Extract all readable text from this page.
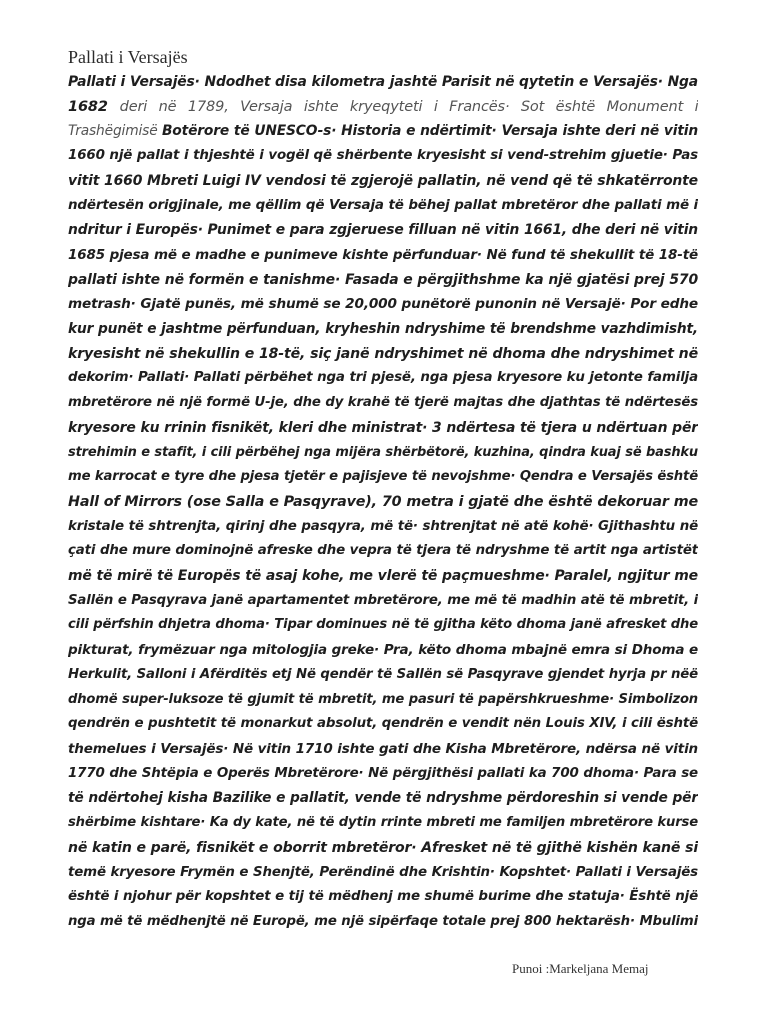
Pallati i Versajës
Pallati i Versajës· Ndodhet disa kilometra jashtë Parisit në qytetin e Versajës· Nga
1682 deri në 1789, Versaja ishte kryeqyteti i Francës· Sot është Monument i
Trashëgimisë Botërore të UNESCO-s· Historia e ndërtimit· Versaja ishte deri në vitin
1660 një pallat i thjeshtë i vogël që shërbente kryesisht si vend-strehim gjuetie· Pas
vitit 1660 Mbreti Luigi IV vendosi të zgjerojë pallatin, në vend që të shkatërronte
ndërtesën origjinale, me qëllim që Versaja të bëhej pallat mbretëror dhe pallati më i
ndritur i Europës· Punimet e para zgjeruese filluan në vitin 1661, dhe deri në vitin
1685 pjesa më e madhe e punimeve kishte përfunduar· Në fund të shekullit të 18-të
pallati ishte në formën e tanishme· Fasada e përgjithshme ka një gjatësi prej 570
metrash· Gjatë punës, më shumë se 20,000 punëtorë punonin në Versajë· Por edhe
kur punët e jashtme përfunduan, kryheshin ndryshime të brendshme vazhdimisht,
kryesisht në shekullin e 18-të, siç janë ndryshimet në dhoma dhe ndryshimet në
dekorim· Pallati· Pallati përbëhet nga tri pjesë, nga pjesa kryesore ku jetonte familja
mbretërore në një formë U-je, dhe dy krahë të tjerë majtas dhe djathtas të ndërtesës
kryesore ku rrinin fisnikët, kleri dhe ministrat· 3 ndërtesa të tjera u ndërtuan për
strehimin e stafit, i cili përbëhej nga mijëra shërbëtorë, kuzhina, qindra kuaj së bashku
me karrocat e tyre dhe pjesa tjetër e pajisjeve të nevojshme· Qendra e Versajës është
Hall of Mirrors (ose Salla e Pasqyrave), 70 metra i gjatë dhe është dekoruar me
kristale të shtrenjta, qirinj dhe pasqyra, më të· shtrenjtat në atë kohë· Gjithashtu në
çati dhe mure dominojnë afreske dhe vepra të tjera të ndryshme të artit nga artistët
më të mirë të Europës të asaj kohe, me vlerë të paçmueshme· Paralel, ngjitur me
Sallën e Pasqyrava janë apartamentet mbretërore, me më të madhin atë të mbretit, i
cili përfshin dhjetra dhoma· Tipar dominues në të gjitha këto dhoma janë afresket dhe
pikturat, frymëzuar nga mitologjia greke· Pra, këto dhoma mbajnë emra si Dhoma e
Herkulit, Salloni i Afërditës etj Në qendër të Sallën së Pasqyrave gjendet hyrja pr nëë
dhomë super-luksoze të gjumit të mbretit, me pasuri të papërshkrueshme· Simbolizon
qendrën e pushtetit të monarkut absolut, qendrën e vendit nën Louis XIV, i cili është
themelues i Versajës· Në vitin 1710 ishte gati dhe Kisha Mbretërore, ndërsa në vitin
1770 dhe Shtëpia e Operës Mbretërore· Në përgjithësi pallati ka 700 dhoma· Para se
të ndërtohej kisha Bazilike e pallatit, vende të ndryshme përdoreshin si vende për
shërbime kishtare· Ka dy kate, në të dytin rrinte mbreti me familjen mbretërore kurse
në katin e parë, fisnikët e oborrit mbretëror· Afresket në të gjithë kishën kanë si
temë kryesore Frymën e Shenjtë, Perëndinë dhe Krishtin· Kopshtet· Pallati i Versajës
është i njohur për kopshtet e tij të mëdhenj me shumë burime dhe statuja· Është një
nga më të mëdhenjtë në Europë, me një sipërfaqe totale prej 800 hektarësh· Mbulimi
Punoi :Markeljana Memaj
